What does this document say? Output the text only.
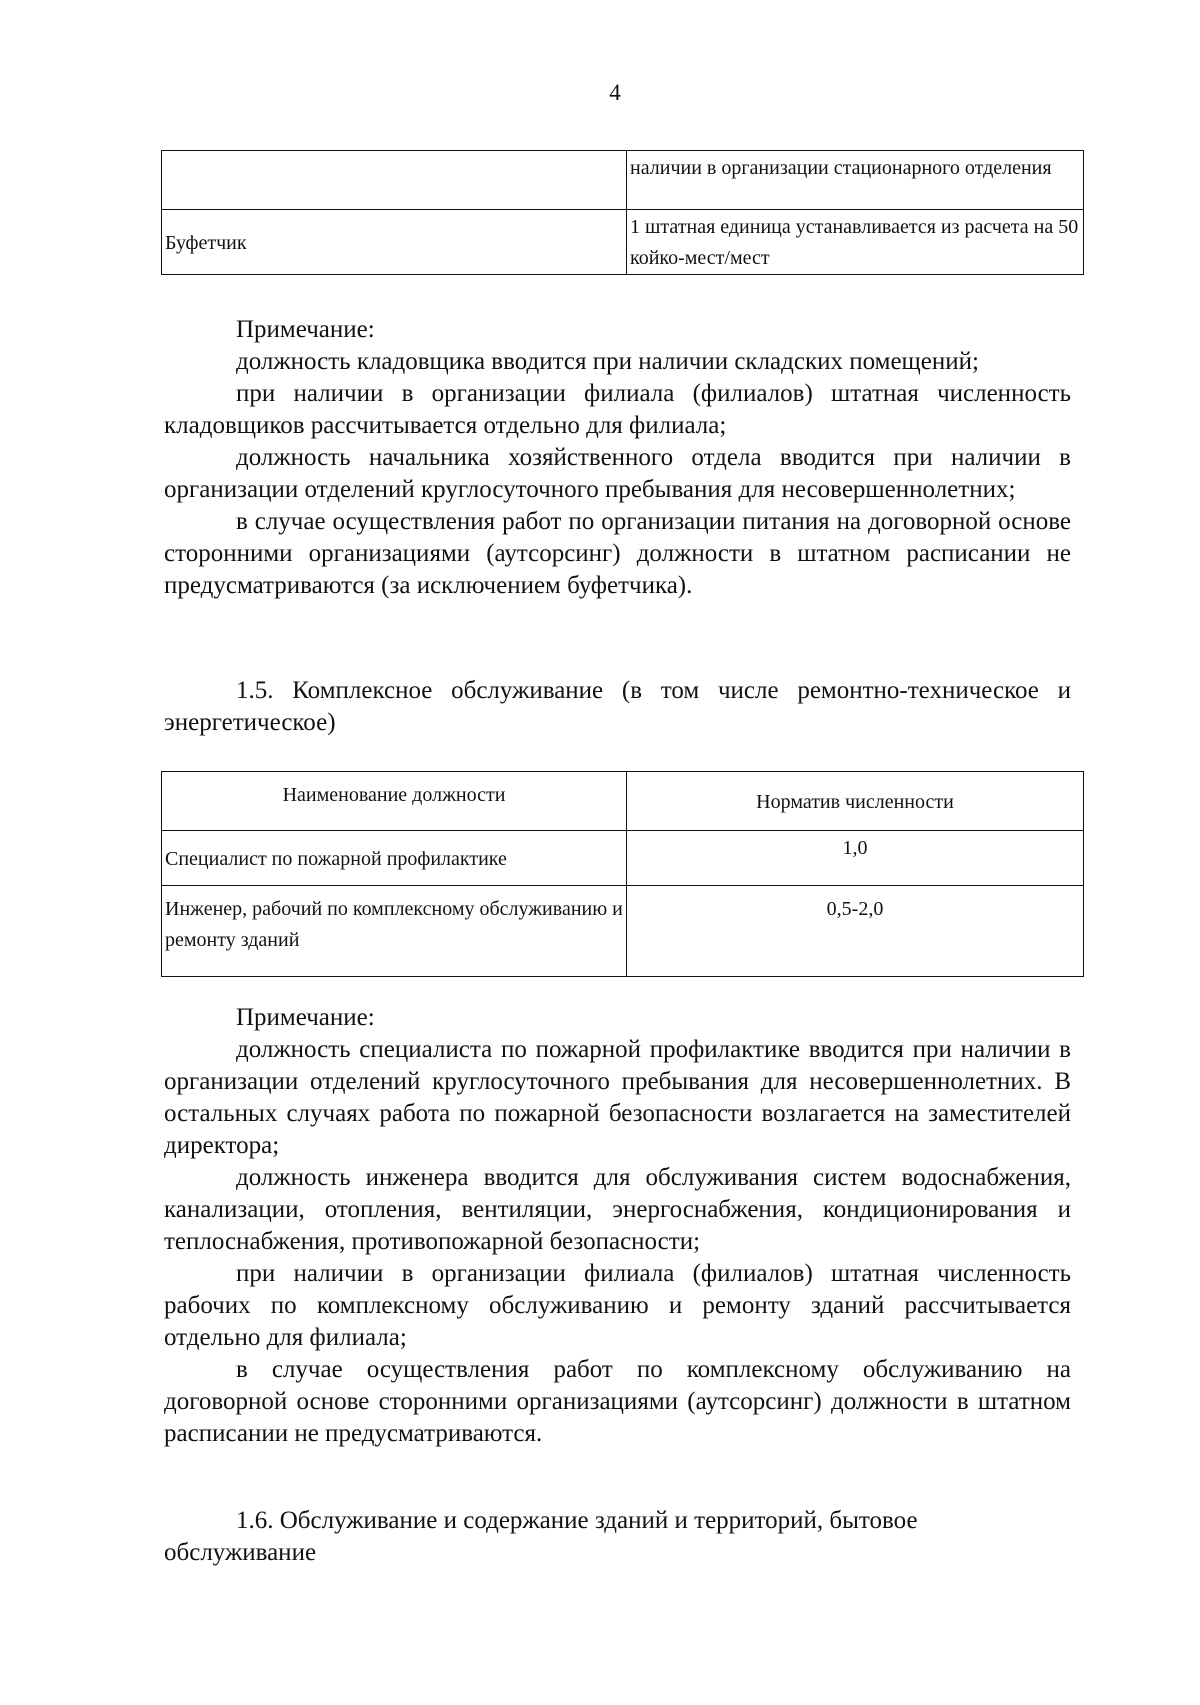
4
	наличии в организации стационарного отделения
Буфетчик	1 штатная единица устанавливается из расчета на 50 койко-мест/мест

Примечание:

должность кладовщика вводится при наличии складских помещений;

при наличии в организации филиала (филиалов) штатная численность кладовщиков рассчитывается отдельно для филиала;

должность начальника хозяйственного отдела вводится при наличии в организации отделений круглосуточного пребывания для несовершеннолетних;

в случае осуществления работ по организации питания на договорной основе сторонними организациями (аутсорсинг) должности в штатном расписании не предусматриваются (за исключением буфетчика).

1.5. Комплексное обслуживание (в том числе ремонтно-техническое и энергетическое)
Наименование должности	Норматив численности
Специалист по пожарной профилактике	1,0
Инженер, рабочий по комплексному обслуживанию и ремонту зданий	0,5-2,0

Примечание:

должность специалиста по пожарной профилактике вводится при наличии в организации отделений круглосуточного пребывания для несовершеннолетних. В остальных случаях работа по пожарной безопасности возлагается на заместителей директора;

должность инженера вводится для обслуживания систем водоснабжения, канализации, отопления, вентиляции, энергоснабжения, кондиционирования и теплоснабжения, противопожарной безопасности;

при наличии в организации филиала (филиалов) штатная численность рабочих по комплексному обслуживанию и ремонту зданий рассчитывается отдельно для филиала;

в случае осуществления работ по комплексному обслуживанию на договорной основе сторонними организациями (аутсорсинг) должности в штатном расписании не предусматриваются.

1.6. Обслуживание и содержание зданий и территорий, бытовое обслуживание
